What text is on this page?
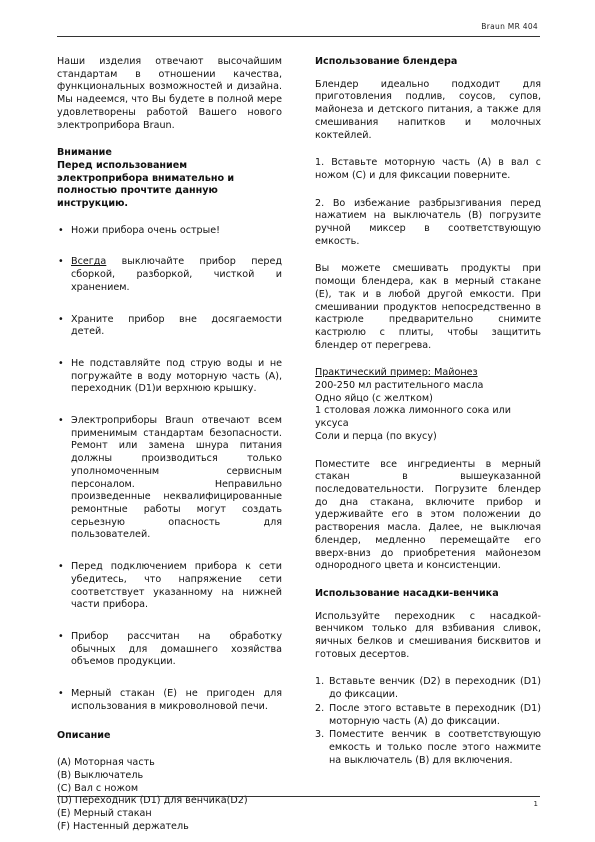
Braun MR 404

Наши изделия отвечают высочайшим стандартам в отношении качества, функциональных возможностей и дизайна. Мы надеемся, что Вы будете в полной мере удовлетворены работой Вашего нового электроприбора Braun.

Внимание

Перед использованием электроприбора внимательно и полностью прочтите данную инструкцию.

• Ножи прибора очень острые!
• Всегда выключайте прибор перед сборкой, разборкой, чисткой и хранением.
• Храните прибор вне досягаемости детей.
• Не подставляйте под струю воды и не погружайте в воду моторную часть (A), переходник (D1)и верхнюю крышку.
• Электроприборы Braun отвечают всем применимым стандартам безопасности. Ремонт или замена шнура питания должны производиться только уполномоченным сервисным персоналом. Неправильно произведенные неквалифицированные ремонтные работы могут создать серьезную опасность для пользователей.
• Перед подключением прибора к сети убедитесь, что напряжение сети соответствует указанному на нижней части прибора.
• Прибор рассчитан на обработку обычных для домашнего хозяйства объемов продукции.
• Мерный стакан (E) не пригоден для использования в микроволновой печи.

Описание

(A) Моторная часть

(B) Выключатель

(C) Вал с ножом

(D) Переходник (D1) для венчика(D2)

(E) Мерный стакан

(F) Настенный держатель

Использование блендера

Блендер идеально подходит для приготовления подлив, соусов, супов, майонеза и детского питания, а также для смешивания напитков и молочных коктейлей.

1. Вставьте моторную часть (A) в вал с ножом (C) и для фиксации поверните.

2. Во избежание разбрызгивания перед нажатием на выключатель (B) погрузите ручной миксер в соответствующую емкость.

Вы можете смешивать продукты при помощи блендера, как в мерный стакане (E), так и в любой другой емкости. При смешивании продуктов непосредственно в кастрюле предварительно снимите кастрюлю с плиты, чтобы защитить блендер от перегрева.

Практический пример: Майонез

200-250 мл растительного масла

Одно яйцо (с желтком)

1 столовая ложка лимонного сока или уксуса

Соли и перца (по вкусу)

Поместите все ингредиенты в мерный стакан в вышеуказанной последовательности. Погрузите блендер до дна стакана, включите прибор и удерживайте его в этом положении до растворения масла. Далее, не выключая блендер, медленно перемещайте его вверх-вниз до приобретения майонезом однородного цвета и консистенции.

Использование насадки-венчика

Используйте переходник с насадкой-венчиком только для взбивания сливок, яичных белков и смешивания бисквитов и готовых десертов.

1. Вставьте венчик (D2) в переходник (D1) до фиксации.
2. После этого вставьте в переходник (D1) моторную часть (A) до фиксации.
3. Поместите венчик в соответствующую емкость и только после этого нажмите на выключатель (B) для включения.
1
